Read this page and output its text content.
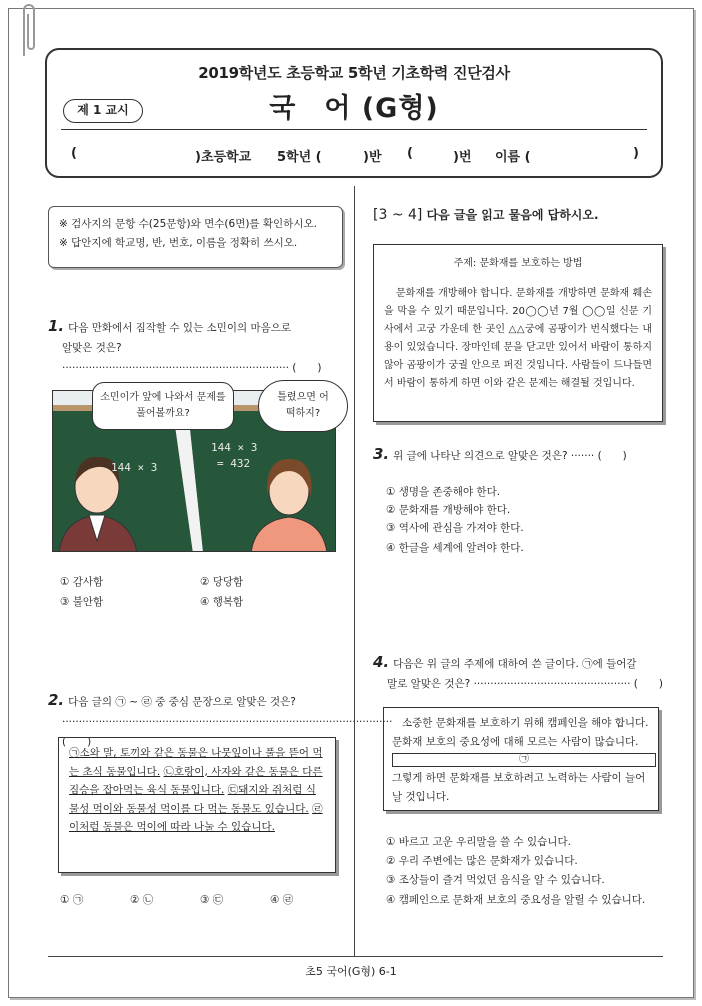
2019학년도 초등학교 5학년 기초학력 진단검사
제 1 교시	국　어 (G형)
(	)초등학교 5학년 (	)반 (	)번 이름 (	)
※ 검사지의 문항 수(25문항)와 면수(6면)를 확인하시오.
※ 답안지에 학교명, 반, 번호, 이름을 정확히 쓰시오.
1. 다음 만화에서 짐작할 수 있는 소민이의 마음으로
알맞은 것은? ···································································· (　　)
144 × 3
144 × 3
= 432
소민이가 앞에 나와서 문제를 풀어볼까요?
틀렸으면 어떡하지?
① 감사함	② 당당함
③ 불안함	④ 행복함
2. 다음 글의 ㉠ ~ ㉣ 중 중심 문장으로 알맞은 것은?
··································································································· (　　)
㉠소와 말, 토끼와 같은 동물은 나뭇잎이나 풀을 뜯어 먹는 초식 동물입니다. ㉡호랑이, 사자와 같은 동물은 다른 짐승을 잡아먹는 육식 동물입니다. ㉢돼지와 쥐처럼 식물성 먹이와 동물성 먹이를 다 먹는 동물도 있습니다. ㉣이처럼 동물은 먹이에 따라 나눌 수 있습니다.
① ㉠	② ㉡	③ ㉢	④ ㉣
[3 ~ 4] 다음 글을 읽고 물음에 답하시오.
주제: 문화재를 보호하는 방법
문화재를 개방해야 합니다. 문화재를 개방하면 문화재 훼손을 막을 수 있기 때문입니다. 20◯◯년 7월 ◯◯일 신문 기사에서 고궁 가운데 한 곳인 △△궁에 곰팡이가 번식했다는 내용이 있었습니다. 장마인데 문을 닫고만 있어서 바람이 통하지 않아 곰팡이가 궁궐 안으로 퍼진 것입니다. 사람들이 드나들면서 바람이 통하게 하면 이와 같은 문제는 해결될 것입니다.
3. 위 글에 나타난 의견으로 알맞은 것은? ······· (　　)
① 생명을 존중해야 한다.
② 문화재를 개방해야 한다.
③ 역사에 관심을 가져야 한다.
④ 한글을 세계에 알려야 한다.
4. 다음은 위 글의 주제에 대하여 쓴 글이다. ㉠에 들어갈
말로 알맞은 것은? ··············································· (　　)
소중한 문화재를 보호하기 위해 캠페인을 해야 합니다. 문화재 보호의 중요성에 대해 모르는 사람이 많습니다.
㉠
그렇게 하면 문화재를 보호하려고 노력하는 사람이 늘어날 것입니다.
① 바르고 고운 우리말을 쓸 수 있습니다.
② 우리 주변에는 많은 문화재가 있습니다.
③ 조상들이 즐겨 먹었던 음식을 알 수 있습니다.
④ 캠페인으로 문화재 보호의 중요성을 알릴 수 있습니다.
초5 국어(G형) 6-1
